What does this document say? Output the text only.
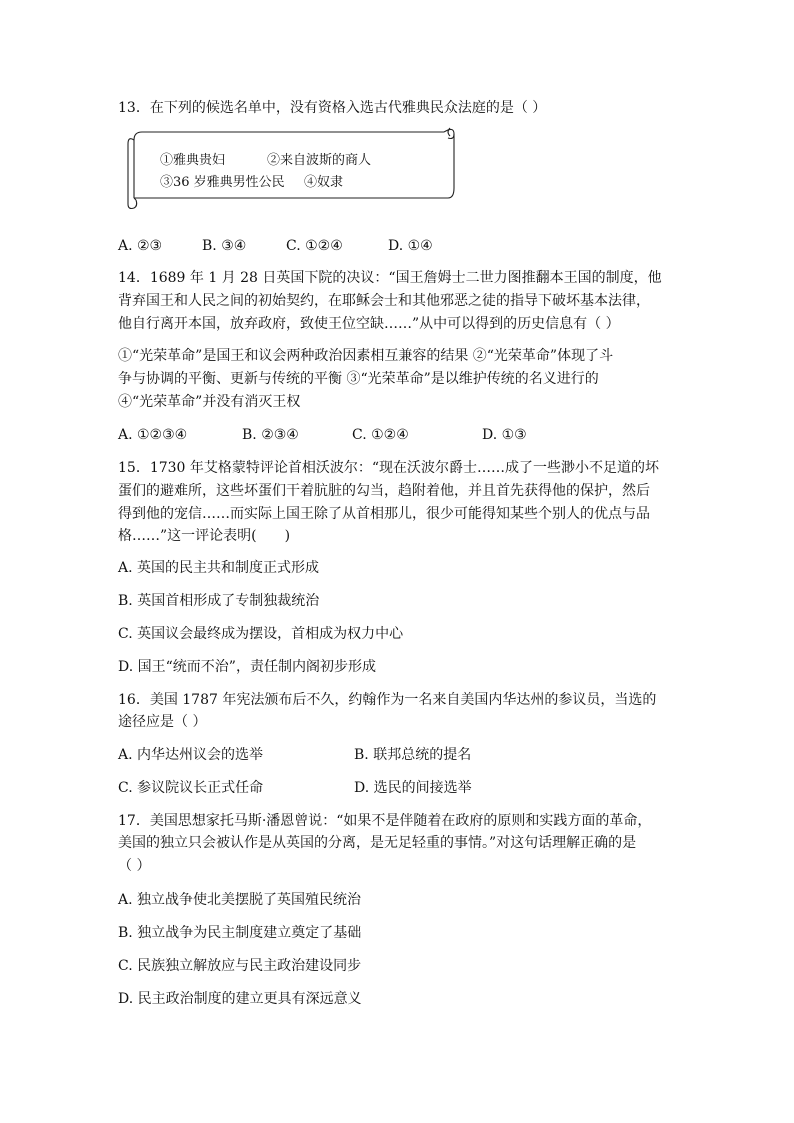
13．在下列的候选名单中，没有资格入选古代雅典民众法庭的是（ ）
①雅典贵妇	②来自波斯的商人
③36 岁雅典男性公民 ④奴隶
A. ②③	B. ③④	C. ①②④	D. ①④
14．1689 年 1 月 28 日英国下院的决议：“国王詹姆士二世力图推翻本王国的制度，他
背弃国王和人民之间的初始契约，在耶稣会士和其他邪恶之徒的指导下破坏基本法律，
他自行离开本国，放弃政府，致使王位空缺……”从中可以得到的历史信息有（ ）
①“光荣革命”是国王和议会两种政治因素相互兼容的结果 ②“光荣革命”体现了斗
争与协调的平衡、更新与传统的平衡 ③“光荣革命”是以维护传统的名义进行的
④“光荣革命”并没有消灭王权
A. ①②③④	B. ②③④	C. ①②④	D. ①③
15．1730 年艾格蒙特评论首相沃波尔：“现在沃波尔爵士……成了一些渺小不足道的坏
蛋们的避难所，这些坏蛋们干着肮脏的勾当，趋附着他，并且首先获得他的保护，然后
得到他的宠信……而实际上国王除了从首相那儿，很少可能得知某些个别人的优点与品
格……”这一评论表明(　　)
A. 英国的民主共和制度正式形成
B. 英国首相形成了专制独裁统治
C. 英国议会最终成为摆设，首相成为权力中心
D. 国王“统而不治”，责任制内阁初步形成
16．美国 1787 年宪法颁布后不久，约翰作为一名来自美国内华达州的参议员，当选的
途径应是（ ）
A. 内华达州议会的选举	B. 联邦总统的提名
C. 参议院议长正式任命	D. 选民的间接选举
17．美国思想家托马斯·潘恩曾说：“如果不是伴随着在政府的原则和实践方面的革命，
美国的独立只会被认作是从英国的分离，是无足轻重的事情。”对这句话理解正确的是
（ ）
A. 独立战争使北美摆脱了英国殖民统治
B. 独立战争为民主制度建立奠定了基础
C. 民族独立解放应与民主政治建设同步
D. 民主政治制度的建立更具有深远意义
